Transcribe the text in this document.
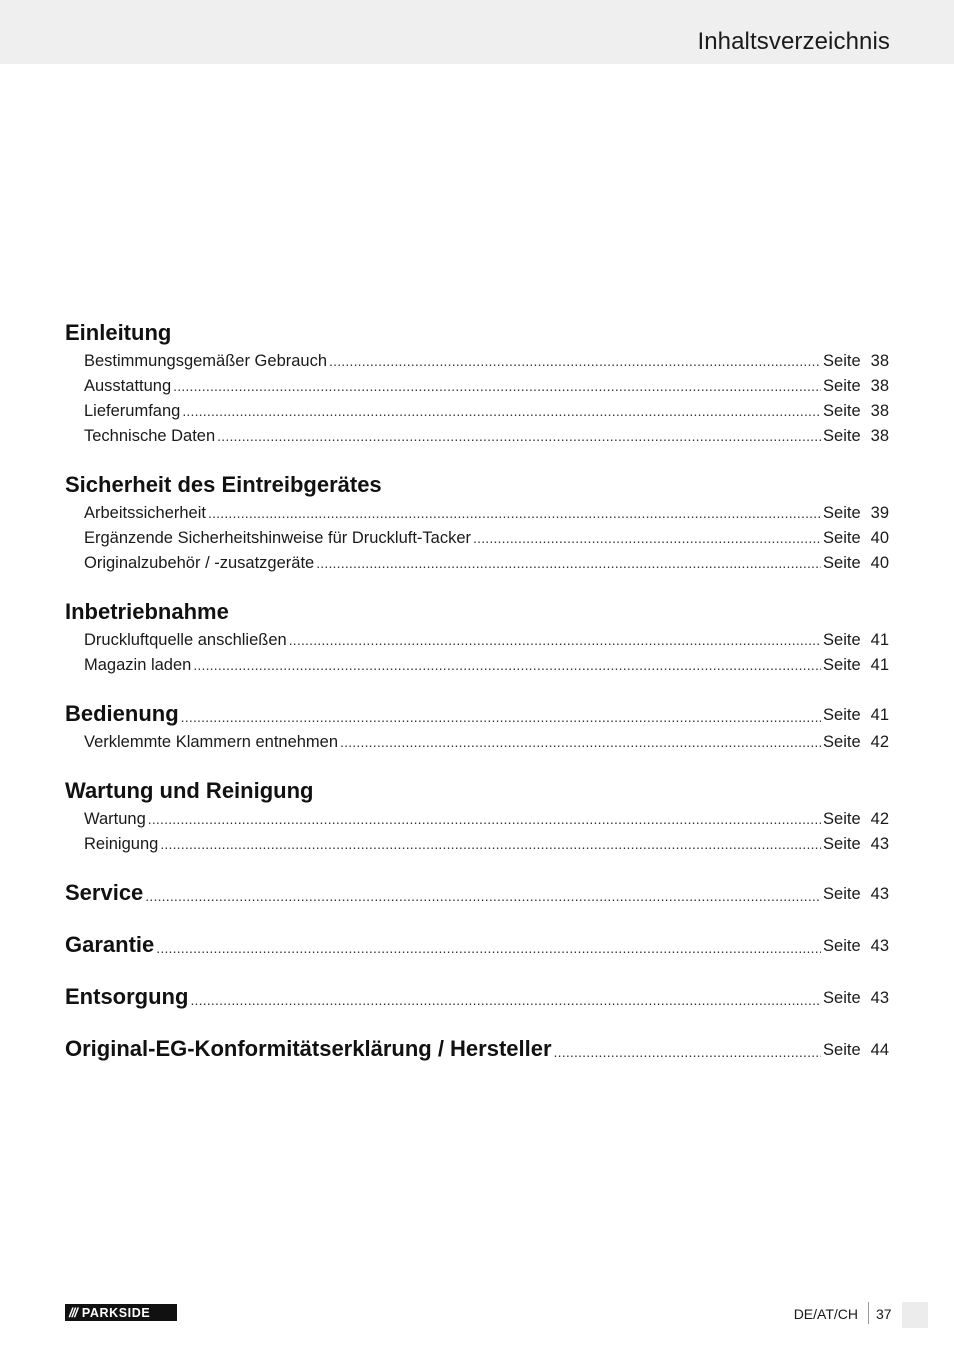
Inhaltsverzeichnis
Einleitung
Bestimmungsgemäßer Gebrauch .....	Seite 38
Ausstattung .....	Seite 38
Lieferumfang .....	Seite 38
Technische Daten .....	Seite 38
Sicherheit des Eintreibgerätes
Arbeitssicherheit .....	Seite 39
Ergänzende Sicherheitshinweise für Druckluft-Tacker .....	Seite 40
Originalzubehör / -zusatzgeräte .....	Seite 40
Inbetriebnahme
Druckluftquelle anschließen .....	Seite 41
Magazin laden .....	Seite 41
Bedienung .....	Seite 41
Verklemmte Klammern entnehmen .....	Seite 42
Wartung und Reinigung
Wartung .....	Seite 42
Reinigung .....	Seite 43
Service .....	Seite 43
Garantie .....	Seite 43
Entsorgung .....	Seite 43
Original-EG-Konformitätserklärung / Hersteller .....	Seite 44
/// PARKSIDE	DE/AT/CH 37
